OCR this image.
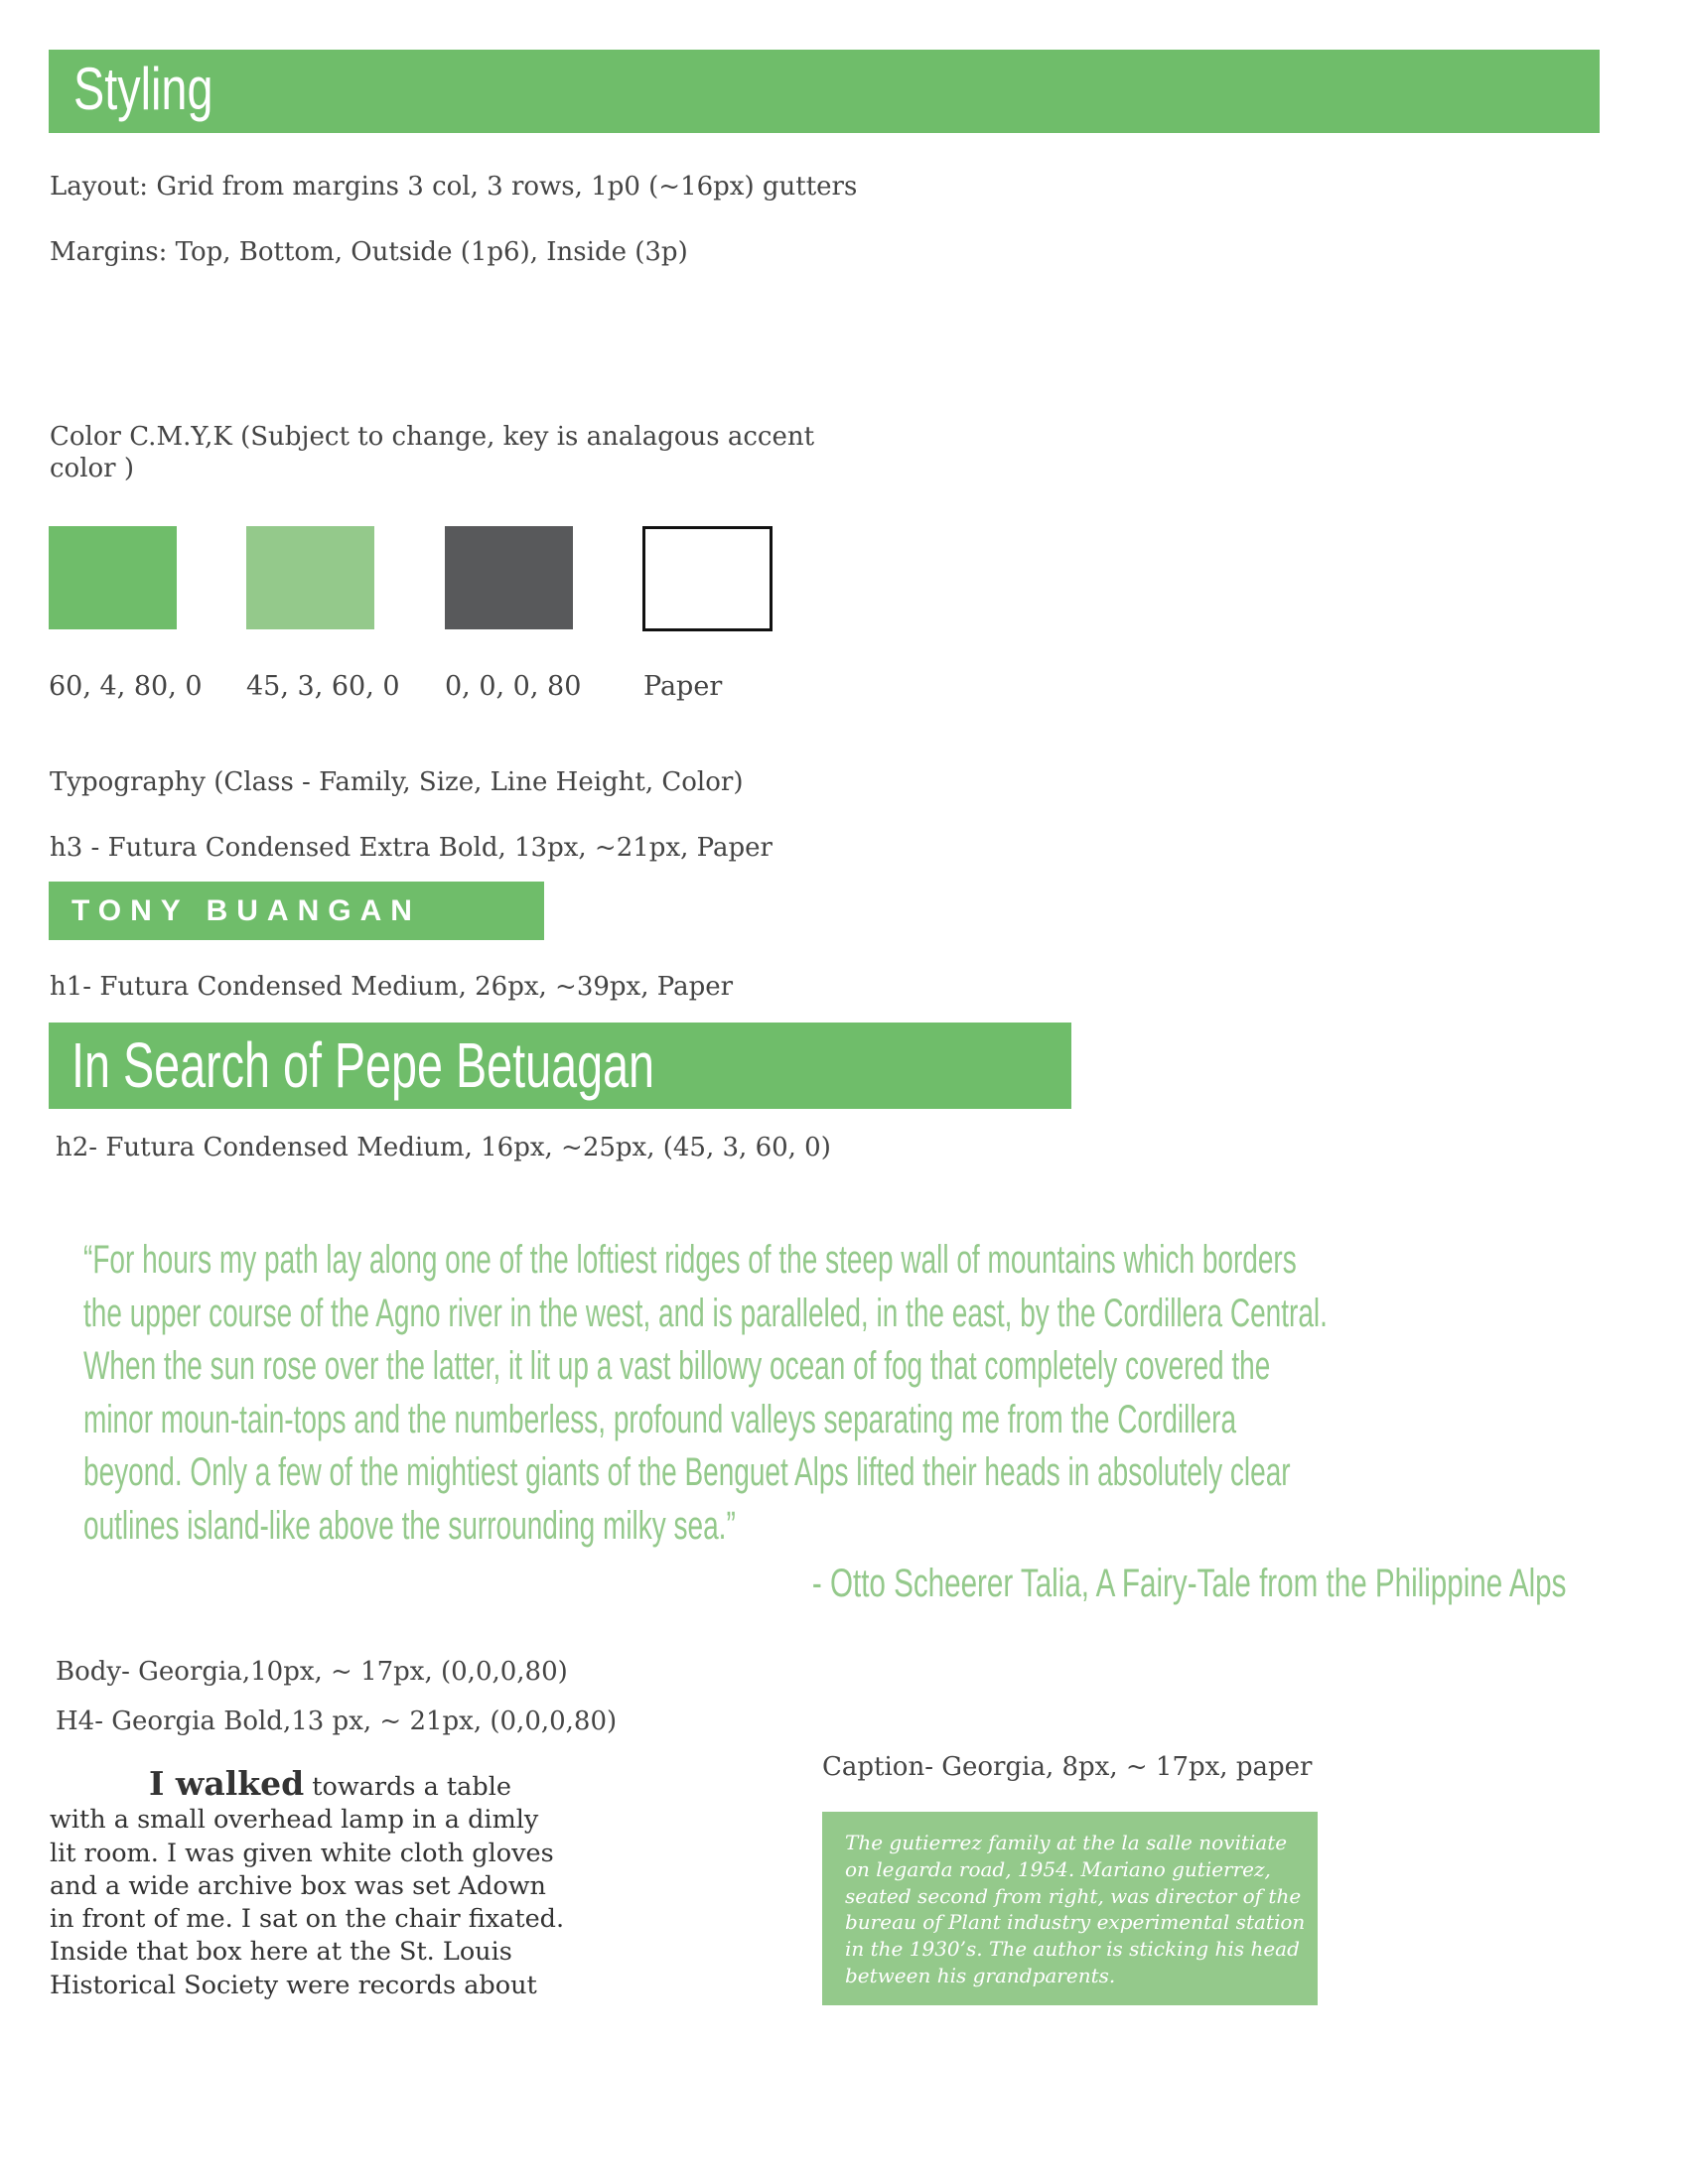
Styling
Layout: Grid from margins 3 col, 3 rows, 1p0 (~16px) gutters
Margins: Top, Bottom, Outside (1p6), Inside (3p)
Color C.M.Y,K (Subject to change, key is analagous accent
color )
60, 4, 80, 0 45, 3, 60, 0 0, 0, 0, 80 Paper
Typography (Class - Family, Size, Line Height, Color)
h3 - Futura Condensed Extra Bold, 13px, ~21px, Paper
TONY BUANGAN
h1- Futura Condensed Medium, 26px, ~39px, Paper
In Search of Pepe Betuagan
h2- Futura Condensed Medium, 16px, ~25px, (45, 3, 60, 0)
“For hours my path lay along one of the loftiest ridges of the steep wall of mountains which borders the upper course of the Agno river in the west, and is paralleled, in the east, by the Cordillera Central. When the sun rose over the latter, it lit up a vast billowy ocean of fog that completely covered the minor moun-tain-tops and the numberless, profound valleys separating me from the Cordillera beyond. Only a few of the mightiest giants of the Benguet Alps lifted their heads in absolutely clear outlines island-like above the surrounding milky sea.”
- Otto Scheerer Talia, A Fairy-Tale from the Philippine Alps
Body- Georgia,10px, ~ 17px, (0,0,0,80)
H4- Georgia Bold,13 px, ~ 21px, (0,0,0,80)
Caption- Georgia, 8px, ~ 17px, paper
I walked towards a table with a small overhead lamp in a dimly lit room. I was given white cloth gloves and a wide archive box was set Adown in front of me. I sat on the chair fixated. Inside that box here at the St. Louis Historical Society were records about
The gutierrez family at the la salle novitiate on legarda road, 1954. Mariano gutierrez, seated second from right, was director of the bureau of Plant industry experimental station in the 1930’s. The author is sticking his head between his grandparents.
